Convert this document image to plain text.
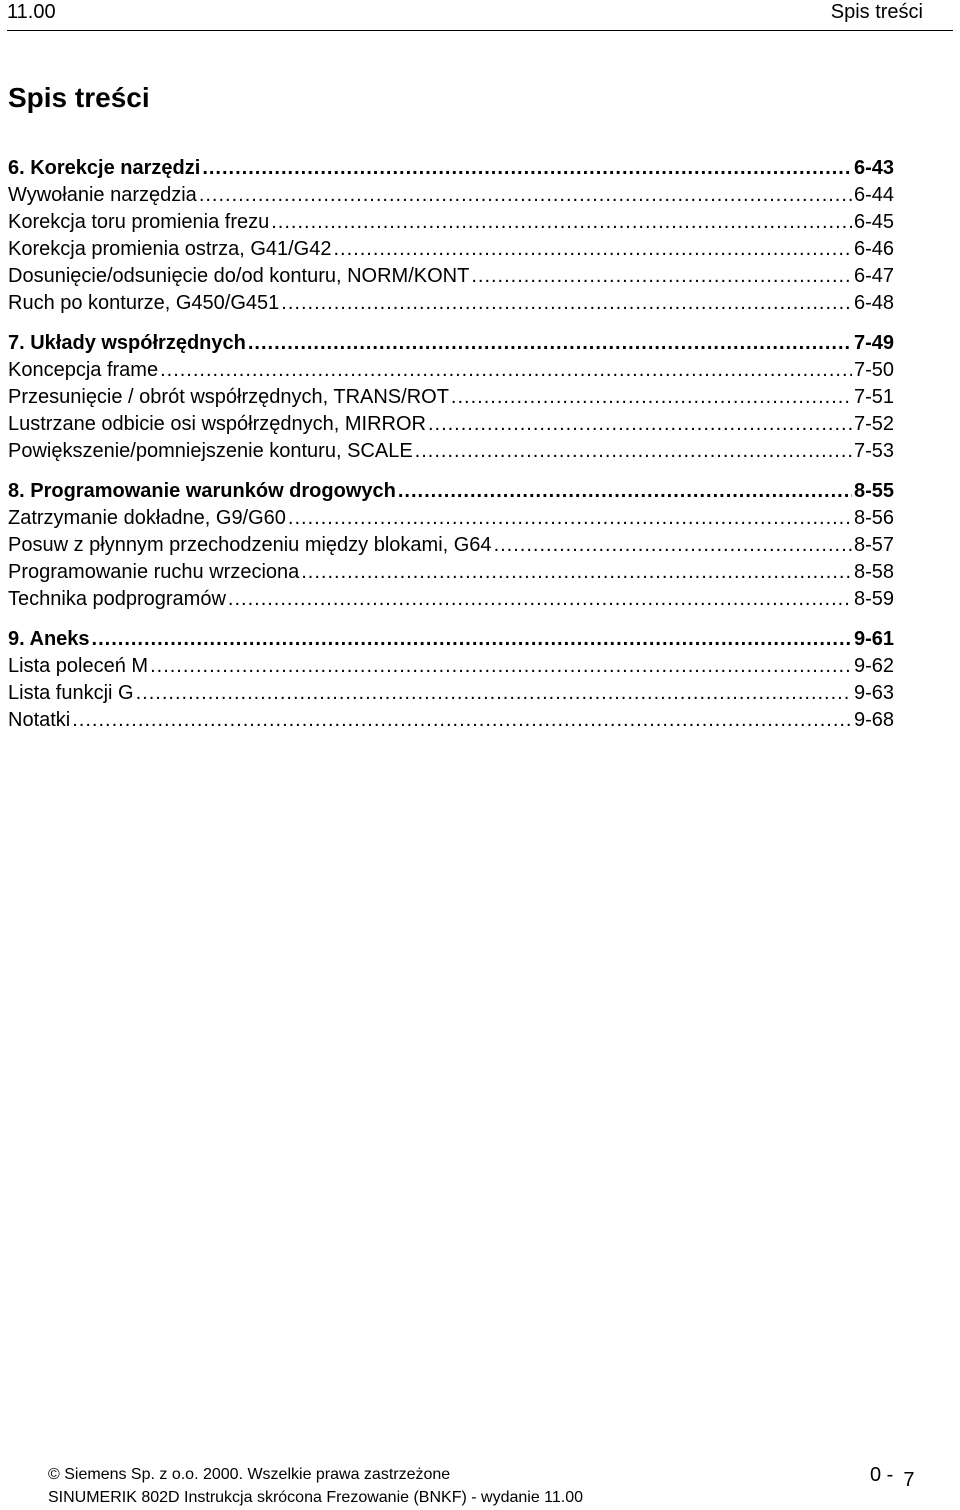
11.00	Spis treści
Spis treści
6. Korekcje narzędzi .....	6-43
Wywołanie narzędzia .....	6-44
Korekcja toru promienia frezu .....	6-45
Korekcja promienia ostrza, G41/G42 .....	6-46
Dosunięcie/odsunięcie do/od konturu, NORM/KONT .....	6-47
Ruch po konturze, G450/G451 .....	6-48
7. Układy współrzędnych .....	7-49
Koncepcja frame .....	7-50
Przesunięcie / obrót współrzędnych, TRANS/ROT .....	7-51
Lustrzane odbicie osi współrzędnych, MIRROR .....	7-52
Powiększenie/pomniejszenie konturu, SCALE .....	7-53
8. Programowanie warunków drogowych .....	8-55
Zatrzymanie dokładne, G9/G60 .....	8-56
Posuw z płynnym przechodzeniu między blokami, G64 .....	8-57
Programowanie ruchu wrzeciona .....	8-58
Technika podprogramów .....	8-59
9. Aneks .....	9-61
Lista poleceń M .....	9-62
Lista funkcji G .....	9-63
Notatki .....	9-68
© Siemens Sp. z o.o. 2000. Wszelkie prawa zastrzeżone	0 - 7
SINUMERIK 802D Instrukcja skrócona Frezowanie (BNKF) - wydanie 11.00
